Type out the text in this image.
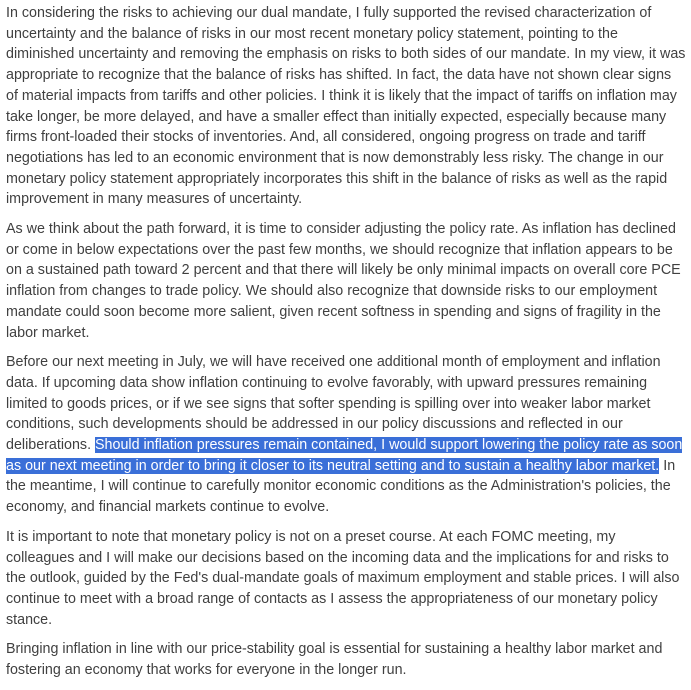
In considering the risks to achieving our dual mandate, I fully supported the revised characterization of uncertainty and the balance of risks in our most recent monetary policy statement, pointing to the diminished uncertainty and removing the emphasis on risks to both sides of our mandate. In my view, it was appropriate to recognize that the balance of risks has shifted. In fact, the data have not shown clear signs of material impacts from tariffs and other policies. I think it is likely that the impact of tariffs on inflation may take longer, be more delayed, and have a smaller effect than initially expected, especially because many firms front-loaded their stocks of inventories. And, all considered, ongoing progress on trade and tariff negotiations has led to an economic environment that is now demonstrably less risky. The change in our monetary policy statement appropriately incorporates this shift in the balance of risks as well as the rapid improvement in many measures of uncertainty.

As we think about the path forward, it is time to consider adjusting the policy rate. As inflation has declined or come in below expectations over the past few months, we should recognize that inflation appears to be on a sustained path toward 2 percent and that there will likely be only minimal impacts on overall core PCE inflation from changes to trade policy. We should also recognize that downside risks to our employment mandate could soon become more salient, given recent softness in spending and signs of fragility in the labor market.

Before our next meeting in July, we will have received one additional month of employment and inflation data. If upcoming data show inflation continuing to evolve favorably, with upward pressures remaining limited to goods prices, or if we see signs that softer spending is spilling over into weaker labor market conditions, such developments should be addressed in our policy discussions and reflected in our deliberations. Should inflation pressures remain contained, I would support lowering the policy rate as soon as our next meeting in order to bring it closer to its neutral setting and to sustain a healthy labor market. In the meantime, I will continue to carefully monitor economic conditions as the Administration's policies, the economy, and financial markets continue to evolve.

It is important to note that monetary policy is not on a preset course. At each FOMC meeting, my colleagues and I will make our decisions based on the incoming data and the implications for and risks to the outlook, guided by the Fed's dual-mandate goals of maximum employment and stable prices. I will also continue to meet with a broad range of contacts as I assess the appropriateness of our monetary policy stance.

Bringing inflation in line with our price-stability goal is essential for sustaining a healthy labor market and fostering an economy that works for everyone in the longer run.
